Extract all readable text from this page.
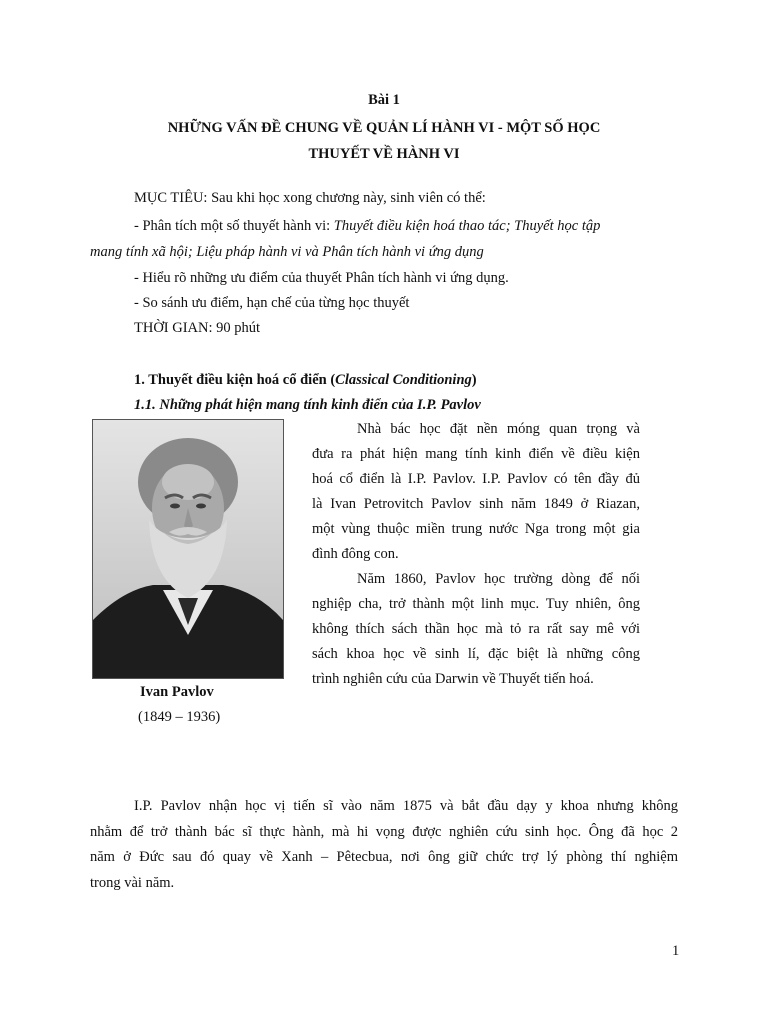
Bài 1
NHỮNG VẤN ĐỀ CHUNG VỀ QUẢN LÍ HÀNH VI - MỘT SỐ HỌC
THUYẾT VỀ HÀNH VI
MỤC TIÊU: Sau khi học xong chương này, sinh viên có thể:
- Phân tích một số thuyết hành vi: Thuyết điều kiện hoá thao tác; Thuyết học tập
mang tính xã hội; Liệu pháp hành vi và Phân tích hành vi ứng dụng
- Hiểu rõ những ưu điểm của thuyết Phân tích hành vi ứng dụng.
- So sánh ưu điểm, hạn chế của từng học thuyết
THỜI GIAN: 90 phút
1. Thuyết điều kiện hoá cổ điển (Classical Conditioning)
1.1. Những phát hiện mang tính kinh điển của I.P. Pavlov
Ivan Pavlov
(1849 – 1936)
Nhà bác học đặt nền móng quan trọng và
đưa ra phát hiện mang tính kinh điển về điều kiện
hoá cổ điển là I.P. Pavlov. I.P. Pavlov có tên đầy đủ
là Ivan Petrovitch Pavlov sinh năm 1849 ở Riazan,
một vùng thuộc miền trung nước Nga trong một gia
đình đông con.
Năm 1860, Pavlov học trường dòng để nối
nghiệp cha, trở thành một linh mục. Tuy nhiên, ông
không thích sách thần học mà tỏ ra rất say mê với
sách khoa học về sinh lí, đặc biệt là những công
trình nghiên cứu của Darwin về Thuyết tiến hoá.
I.P. Pavlov nhận học vị tiến sĩ vào năm 1875 và bắt đầu dạy y khoa nhưng không
nhằm để trở thành bác sĩ thực hành, mà hi vọng được nghiên cứu sinh học. Ông đã học 2
năm ở Đức sau đó quay về Xanh – Pêtecbua, nơi ông giữ chức trợ lý phòng thí nghiệm
trong vài năm.
1
